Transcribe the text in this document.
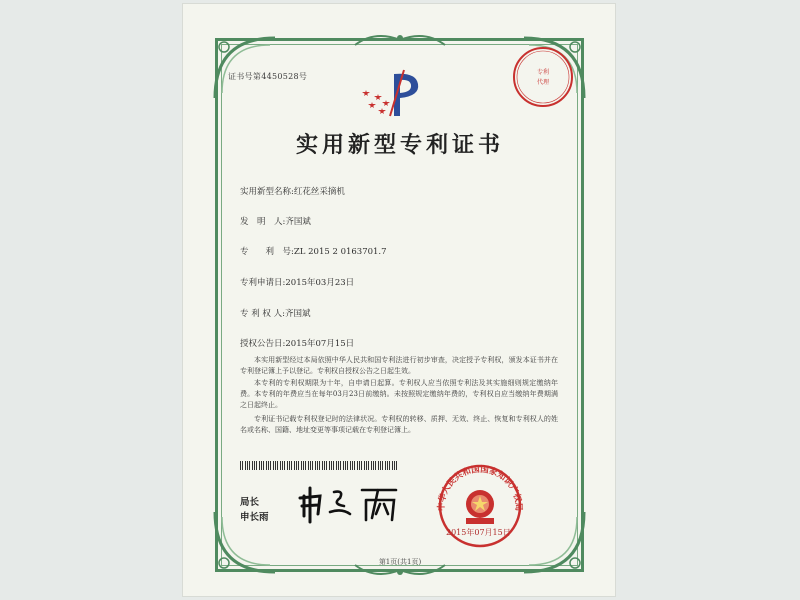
证书号第4450528号	专利
代理
实用新型专利证书
实用新型名称:红花丝采摘机
发　明　人:齐国斌
专　　利　号:ZL 2015 2 0163701.7
专利申请日:2015年03月23日
专 利 权 人:齐国斌
授权公告日:2015年07月15日
本实用新型经过本局依照中华人民共和国专利法进行初步审查，决定授予专利权，颁发本证书并在专利登记簿上予以登记。专利权自授权公告之日起生效。
本专利的专利权期限为十年，自申请日起算。专利权人应当依照专利法及其实施细则规定缴纳年费。本专利的年费应当在每年03月23日前缴纳。未按照规定缴纳年费的，专利权自应当缴纳年费期满之日起终止。
专利证书记载专利权登记时的法律状况。专利权的转移、质押、无效、终止、恢复和专利权人的姓名或名称、国籍、地址变更等事项记载在专利登记簿上。
局长
申长雨
中华人民共和国国家知识产权局
2015年07月15日
第1页(共1页)
